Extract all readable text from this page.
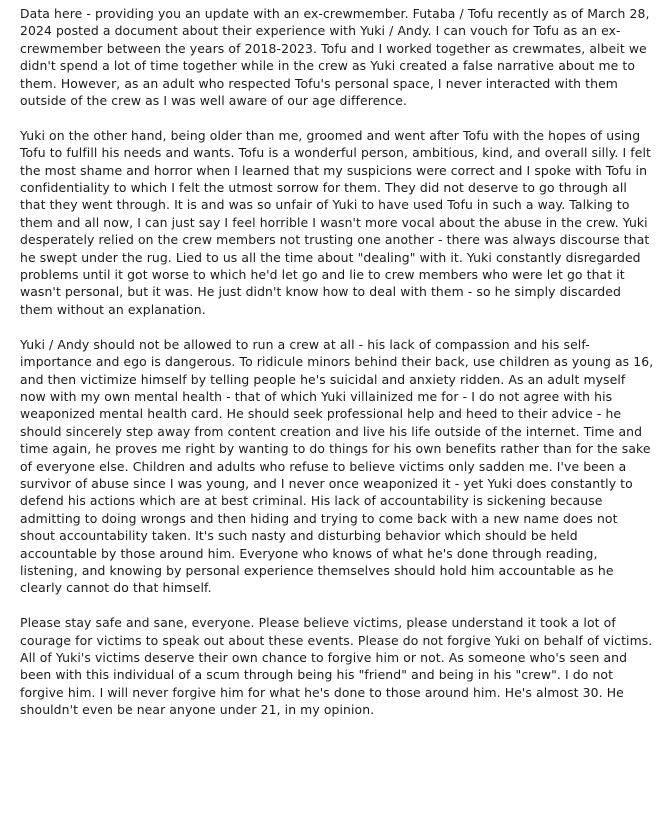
Data here - providing you an update with an ex-crewmember. Futaba / Tofu recently as of March 28, 2024 posted a document about their experience with Yuki / Andy. I can vouch for Tofu as an ex-crewmember between the years of 2018-2023. Tofu and I worked together as crewmates, albeit we didn't spend a lot of time together while in the crew as Yuki created a false narrative about me to them. However, as an adult who respected Tofu's personal space, I never interacted with them outside of the crew as I was well aware of our age difference.

Yuki on the other hand, being older than me, groomed and went after Tofu with the hopes of using Tofu to fulfill his needs and wants. Tofu is a wonderful person, ambitious, kind, and overall silly. I felt the most shame and horror when I learned that my suspicions were correct and I spoke with Tofu in confidentiality to which I felt the utmost sorrow for them. They did not deserve to go through all that they went through. It is and was so unfair of Yuki to have used Tofu in such a way. Talking to them and all now, I can just say I feel horrible I wasn't more vocal about the abuse in the crew. Yuki desperately relied on the crew members not trusting one another - there was always discourse that he swept under the rug. Lied to us all the time about "dealing" with it. Yuki constantly disregarded problems until it got worse to which he'd let go and lie to crew members who were let go that it wasn't personal, but it was. He just didn't know how to deal with them - so he simply discarded them without an explanation.

Yuki / Andy should not be allowed to run a crew at all - his lack of compassion and his self-importance and ego is dangerous. To ridicule minors behind their back, use children as young as 16, and then victimize himself by telling people he's suicidal and anxiety ridden. As an adult myself now with my own mental health - that of which Yuki villainized me for - I do not agree with his weaponized mental health card. He should seek professional help and heed to their advice - he should sincerely step away from content creation and live his life outside of the internet. Time and time again, he proves me right by wanting to do things for his own benefits rather than for the sake of everyone else. Children and adults who refuse to believe victims only sadden me. I've been a survivor of abuse since I was young, and I never once weaponized it - yet Yuki does constantly to defend his actions which are at best criminal. His lack of accountability is sickening because admitting to doing wrongs and then hiding and trying to come back with a new name does not shout accountability taken. It's such nasty and disturbing behavior which should be held accountable by those around him. Everyone who knows of what he's done through reading, listening, and knowing by personal experience themselves should hold him accountable as he clearly cannot do that himself.

Please stay safe and sane, everyone. Please believe victims, please understand it took a lot of courage for victims to speak out about these events. Please do not forgive Yuki on behalf of victims. All of Yuki's victims deserve their own chance to forgive him or not. As someone who's seen and been with this individual of a scum through being his "friend" and being in his "crew". I do not forgive him. I will never forgive him for what he's done to those around him. He's almost 30. He shouldn't even be near anyone under 21, in my opinion.
